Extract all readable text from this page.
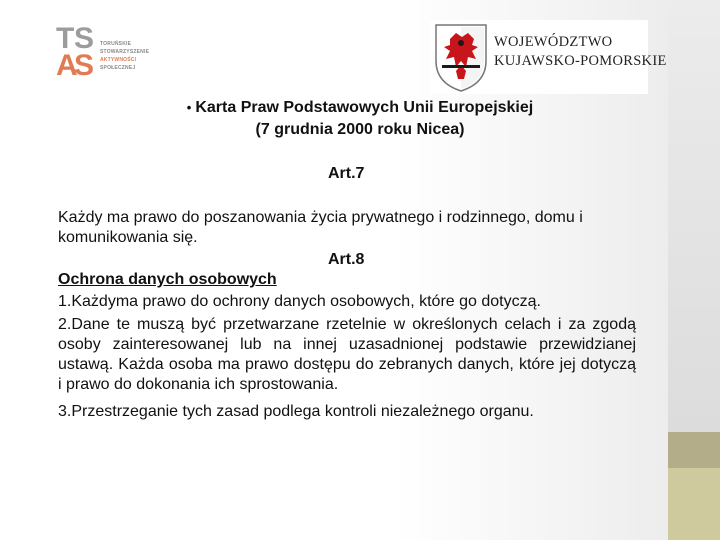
T S
A
S
TORUŃSKIE
STOWARZYSZENIE
AKTYWNOŚCI
SPOŁECZNEJ
WOJEWÓDZTWO
KUJAWSKO-POMORSKIE
• Karta Praw Podstawowych Unii Europejskiej
(7 grudnia 2000 roku Nicea)
Art.7
Każdy ma prawo do poszanowania życia prywatnego i rodzinnego, domu i komunikowania się.
Art.8
Ochrona danych osobowych
1.Każdyma prawo do ochrony danych osobowych, które go dotyczą.
2.Dane te muszą być przetwarzane rzetelnie w określonych celach i za zgodą osoby zainteresowanej lub na innej uzasadnionej podstawie przewidzianej ustawą. Każda osoba ma prawo dostępu do zebranych danych, które jej dotyczą i prawo do dokonania ich sprostowania.
3.Przestrzeganie tych zasad podlega kontroli niezależnego organu.
